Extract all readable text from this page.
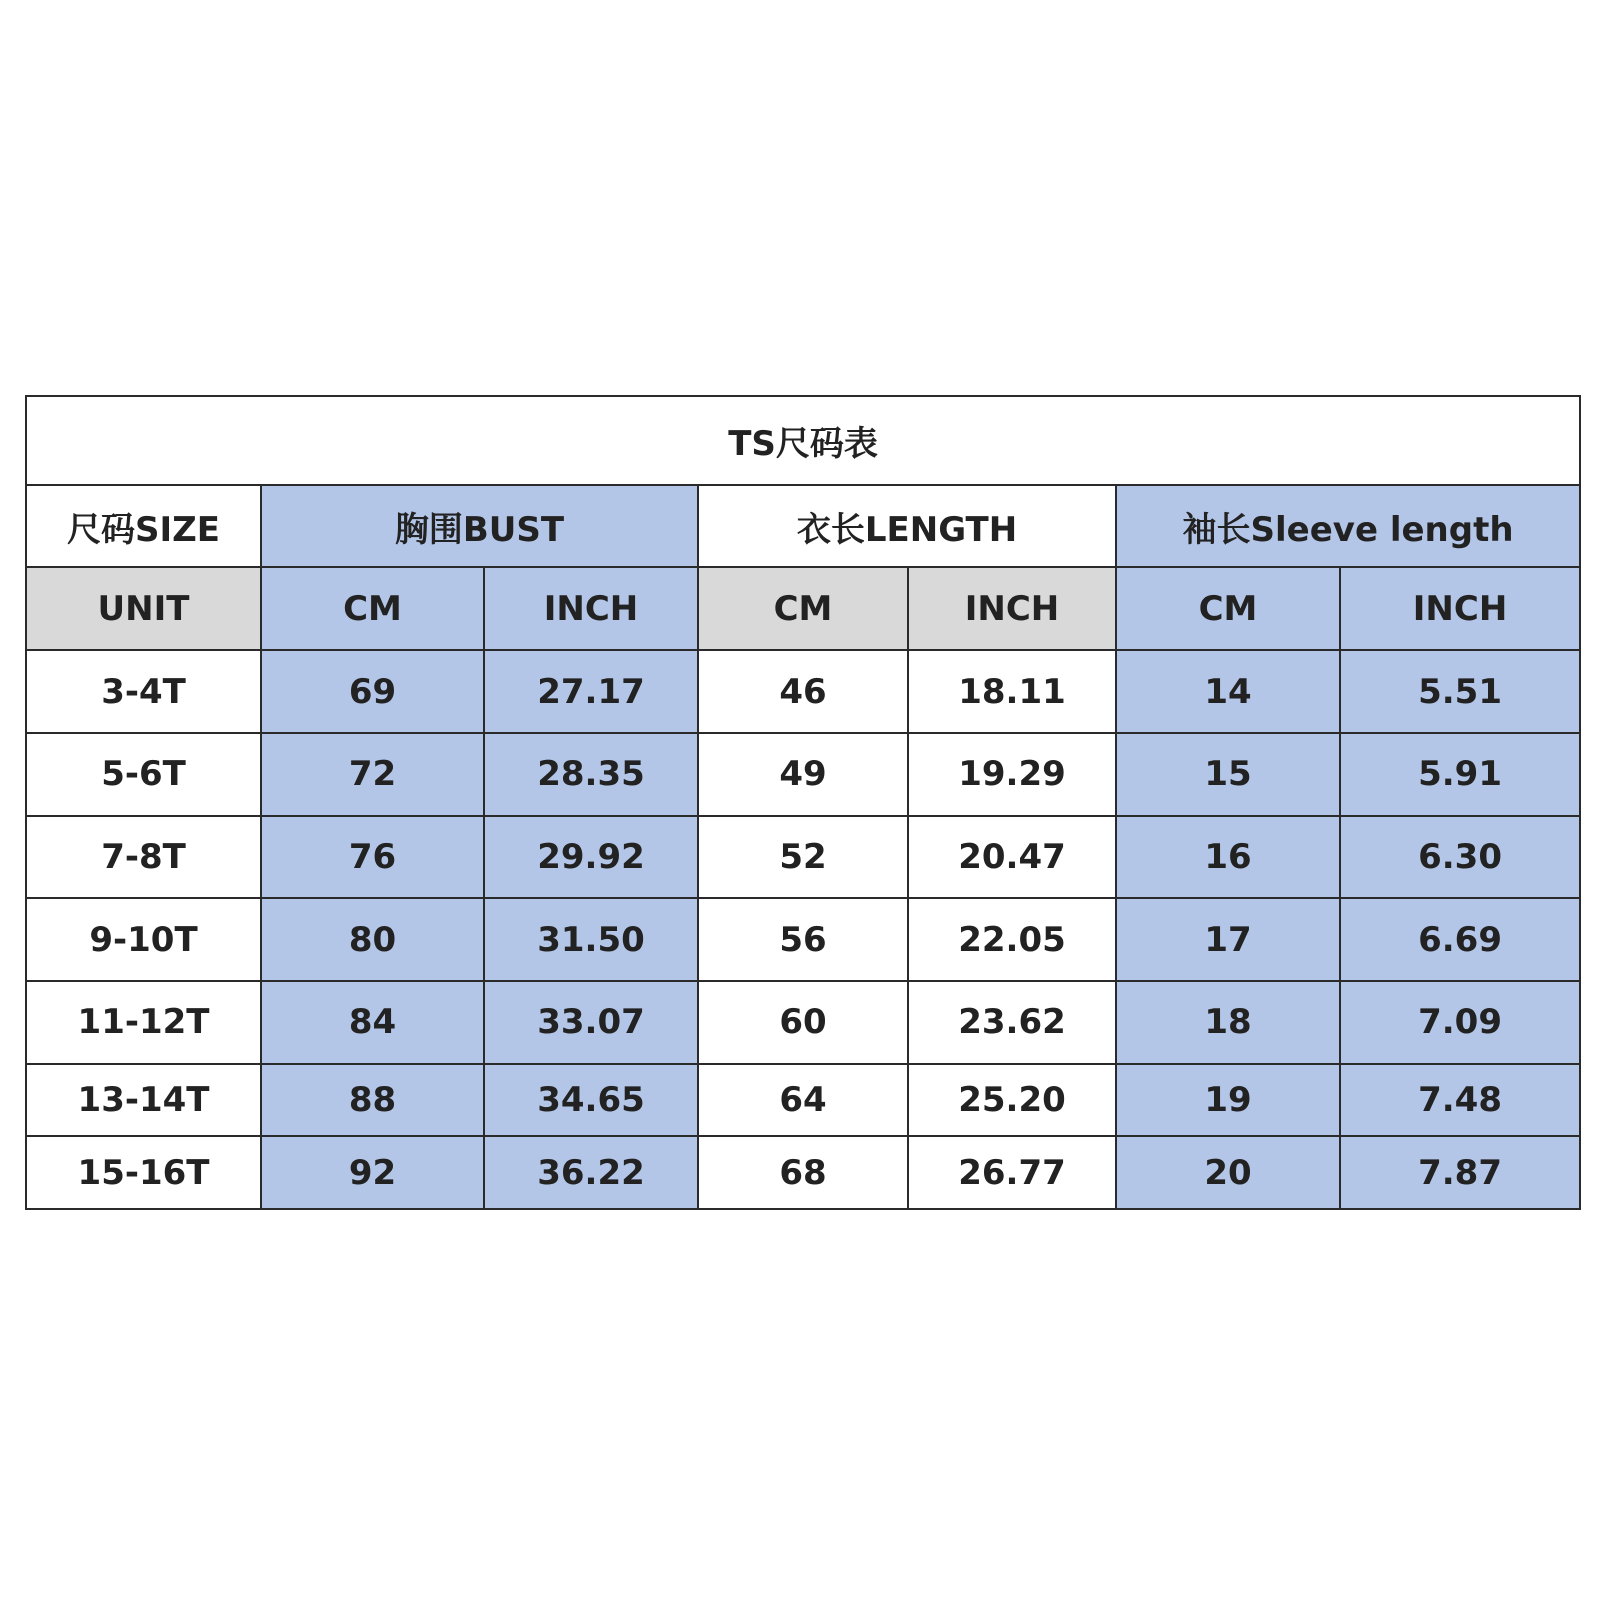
TS尺码表						
尺码SIZE	胸围BUST		衣长LENGTH		袖长Sleeve length	
UNIT	CM	INCH	CM	INCH	CM	INCH
3-4T	69	27.17	46	18.11	14	5.51
5-6T	72	28.35	49	19.29	15	5.91
7-8T	76	29.92	52	20.47	16	6.30
9-10T	80	31.50	56	22.05	17	6.69
11-12T	84	33.07	60	23.62	18	7.09
13-14T	88	34.65	64	25.20	19	7.48
15-16T	92	36.22	68	26.77	20	7.87
